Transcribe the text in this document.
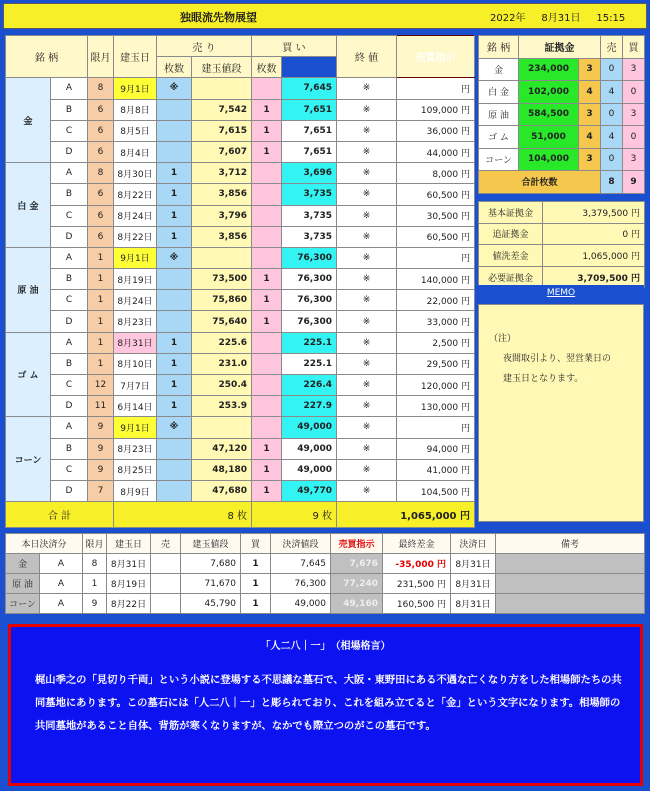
独眼流先物展望	2022年 8月31日 15:15
銘 柄		限月	建玉日	売 り		買 い		終 値	売買指示	
				枚数	建玉値段	枚数				
金	A	8	9月1日	※			7,645	※	円	
	B	6	8月8日		7,542	1	7,651	※	109,000 円	
	C	6	8月5日		7,615	1	7,651	※	36,000 円	
	D	6	8月4日		7,607	1	7,651	※	44,000 円	
白 金	A	8	8月30日	1	3,712		3,696	※	8,000 円	
	B	6	8月22日	1	3,856		3,735	※	60,500 円	
	C	6	8月24日	1	3,796		3,735	※	30,500 円	
	D	6	8月22日	1	3,856		3,735	※	60,500 円	
原 油	A	1	9月1日	※			76,300	※	円	
	B	1	8月19日		73,500	1	76,300	※	140,000 円	
	C	1	8月24日		75,860	1	76,300	※	22,000 円	
	D	1	8月23日		75,640	1	76,300	※	33,000 円	
ゴ ム	A	1	8月31日	1	225.6		225.1	※	2,500 円	
	B	1	8月10日	1	231.0		225.1	※	29,500 円	
	C	12	7月7日	1	250.4		226.4	※	120,000 円	
	D	11	6月14日	1	253.9		227.9	※	130,000 円	
コーン	A	9	9月1日	※			49,000	※	円	
	B	9	8月23日		47,120	1	49,000	※	94,000 円	
	C	9	8月25日		48,180	1	49,000	※	41,000 円	
	D	7	8月9日		47,680	1	49,770	※	104,500 円	
合 計			8 枚			9 枚		1,065,000 円		
銘 柄	証拠金		売	買
金	234,000	3	0	3
白 金	102,000	4	4	0
原 油	584,500	3	0	3
ゴ ム	51,000	4	4	0
コーン	104,000	3	0	3
合計枚数			8	9
基本証拠金	3,379,500 円
追証拠金	0 円
値洗差金	1,065,000 円
必要証拠金	3,709,500 円
MEMO
（注）
夜間取引より、翌営業日の
建玉日となります。
本日決済分		限月	建玉日	売	建玉値段	買	決済値段	売買指示	最終差金	決済日	備考
金	A	8	8月31日		7,680	1	7,645	7,676	-35,000 円	8月31日	
原 油	A	1	8月19日		71,670	1	76,300	77,240	231,500 円	8月31日	
コーン	A	9	8月22日		45,790	1	49,000	49,160	160,500 円	8月31日	
「人二八｜一」　（相場格言）
梶山季之の「見切り千両」という小説に登場する不思議な墓石で、大阪・東野田にある不遇な亡くなり方をした相場師たちの共同墓地にあります。この墓石には「人二八｜一」と彫られており、これを組み立てると「金」という文字になります。相場師の共同墓地があること自体、背筋が寒くなりますが、なかでも際立つのがこの墓石です。
